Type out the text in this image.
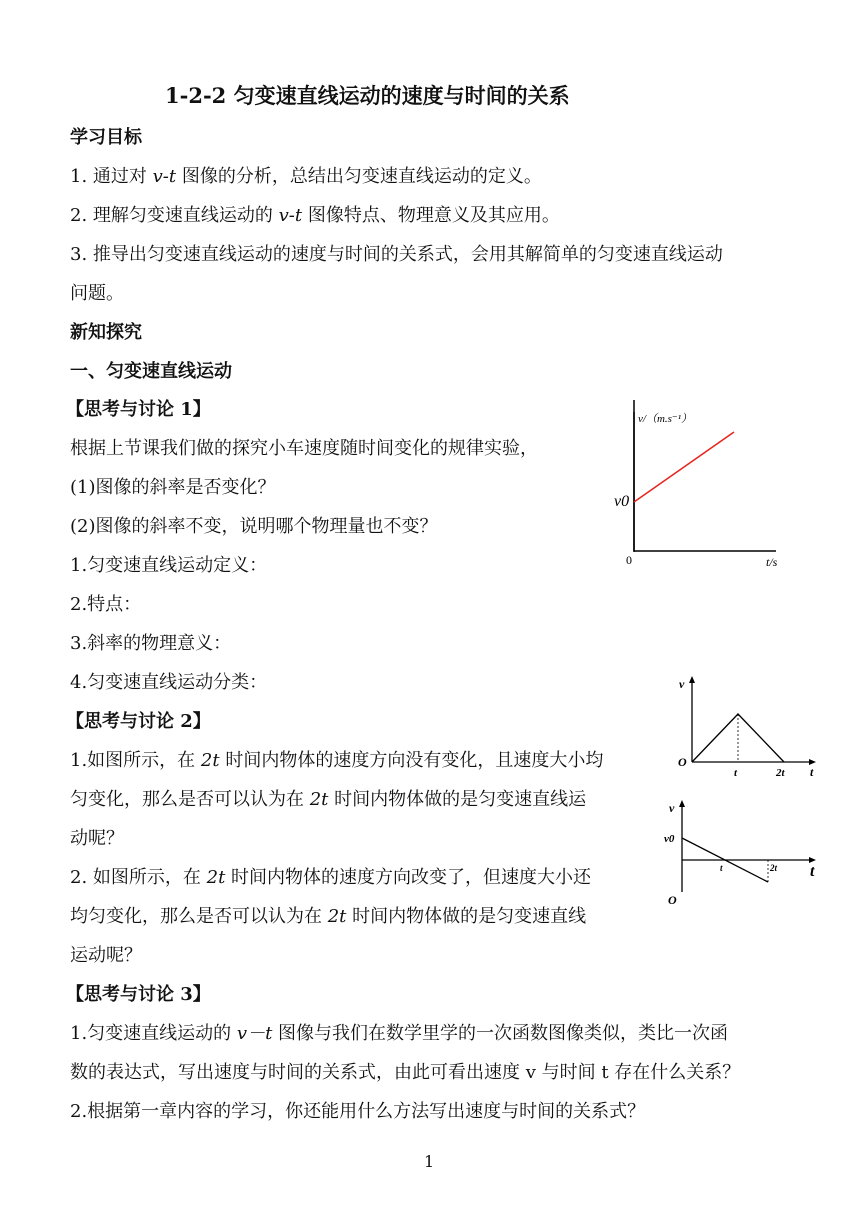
1-2-2 匀变速直线运动的速度与时间的关系
学习目标
1. 通过对 v-t 图像的分析，总结出匀变速直线运动的定义。
2. 理解匀变速直线运动的 v-t 图像特点、物理意义及其应用。
3. 推导出匀变速直线运动的速度与时间的关系式，会用其解简单的匀变速直线运动
问题。
新知探究
一、匀变速直线运动
【思考与讨论 1】
根据上节课我们做的探究小车速度随时间变化的规律实验，
(1)图像的斜率是否变化？
(2)图像的斜率不变，说明哪个物理量也不变？
1.匀变速直线运动定义：
2.特点：
3.斜率的物理意义：
4.匀变速直线运动分类：
【思考与讨论 2】
1.如图所示，在 2t 时间内物体的速度方向没有变化，且速度大小均
匀变化，那么是否可以认为在 2t 时间内物体做的是匀变速直线运
动呢？
2. 如图所示，在 2t 时间内物体的速度方向改变了，但速度大小还
均匀变化，那么是否可以认为在 2t 时间内物体做的是匀变速直线
运动呢？
【思考与讨论 3】
1.匀变速直线运动的 v－t 图像与我们在数学里学的一次函数图像类似，类比一次函
数的表达式，写出速度与时间的关系式，由此可看出速度 v 与时间 t 存在什么关系？
2.根据第一章内容的学习，你还能用什么方法写出速度与时间的关系式？
v/（m.s⁻¹）
v0
0	t/s
v
O
t	2t t
v
v0
O
t	2t t
1
